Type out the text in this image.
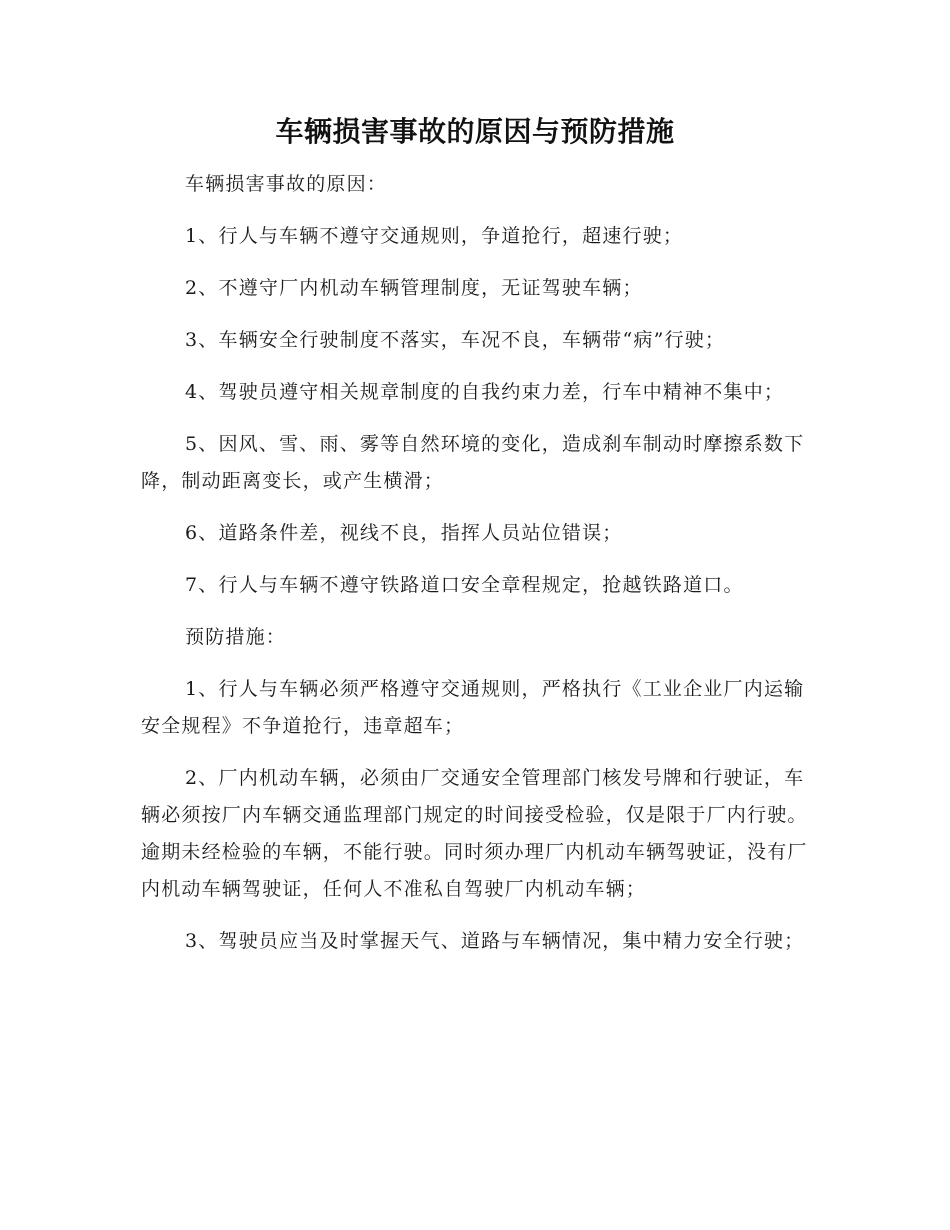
车辆损害事故的原因与预防措施

车辆损害事故的原因：

1、行人与车辆不遵守交通规则，争道抢行，超速行驶；

2、不遵守厂内机动车辆管理制度，无证驾驶车辆；

3、车辆安全行驶制度不落实，车况不良，车辆带“病”行驶；

4、驾驶员遵守相关规章制度的自我约束力差，行车中精神不集中；

5、因风、雪、雨、雾等自然环境的变化，造成刹车制动时摩擦系数下降，制动距离变长，或产生横滑；

6、道路条件差，视线不良，指挥人员站位错误；

7、行人与车辆不遵守铁路道口安全章程规定，抢越铁路道口。

预防措施：

1、行人与车辆必须严格遵守交通规则，严格执行《工业企业厂内运输安全规程》不争道抢行，违章超车；

2、厂内机动车辆，必须由厂交通安全管理部门核发号牌和行驶证，车辆必须按厂内车辆交通监理部门规定的时间接受检验，仅是限于厂内行驶。逾期未经检验的车辆，不能行驶。同时须办理厂内机动车辆驾驶证，没有厂内机动车辆驾驶证，任何人不准私自驾驶厂内机动车辆；

3、驾驶员应当及时掌握天气、道路与车辆情况，集中精力安全行驶；
